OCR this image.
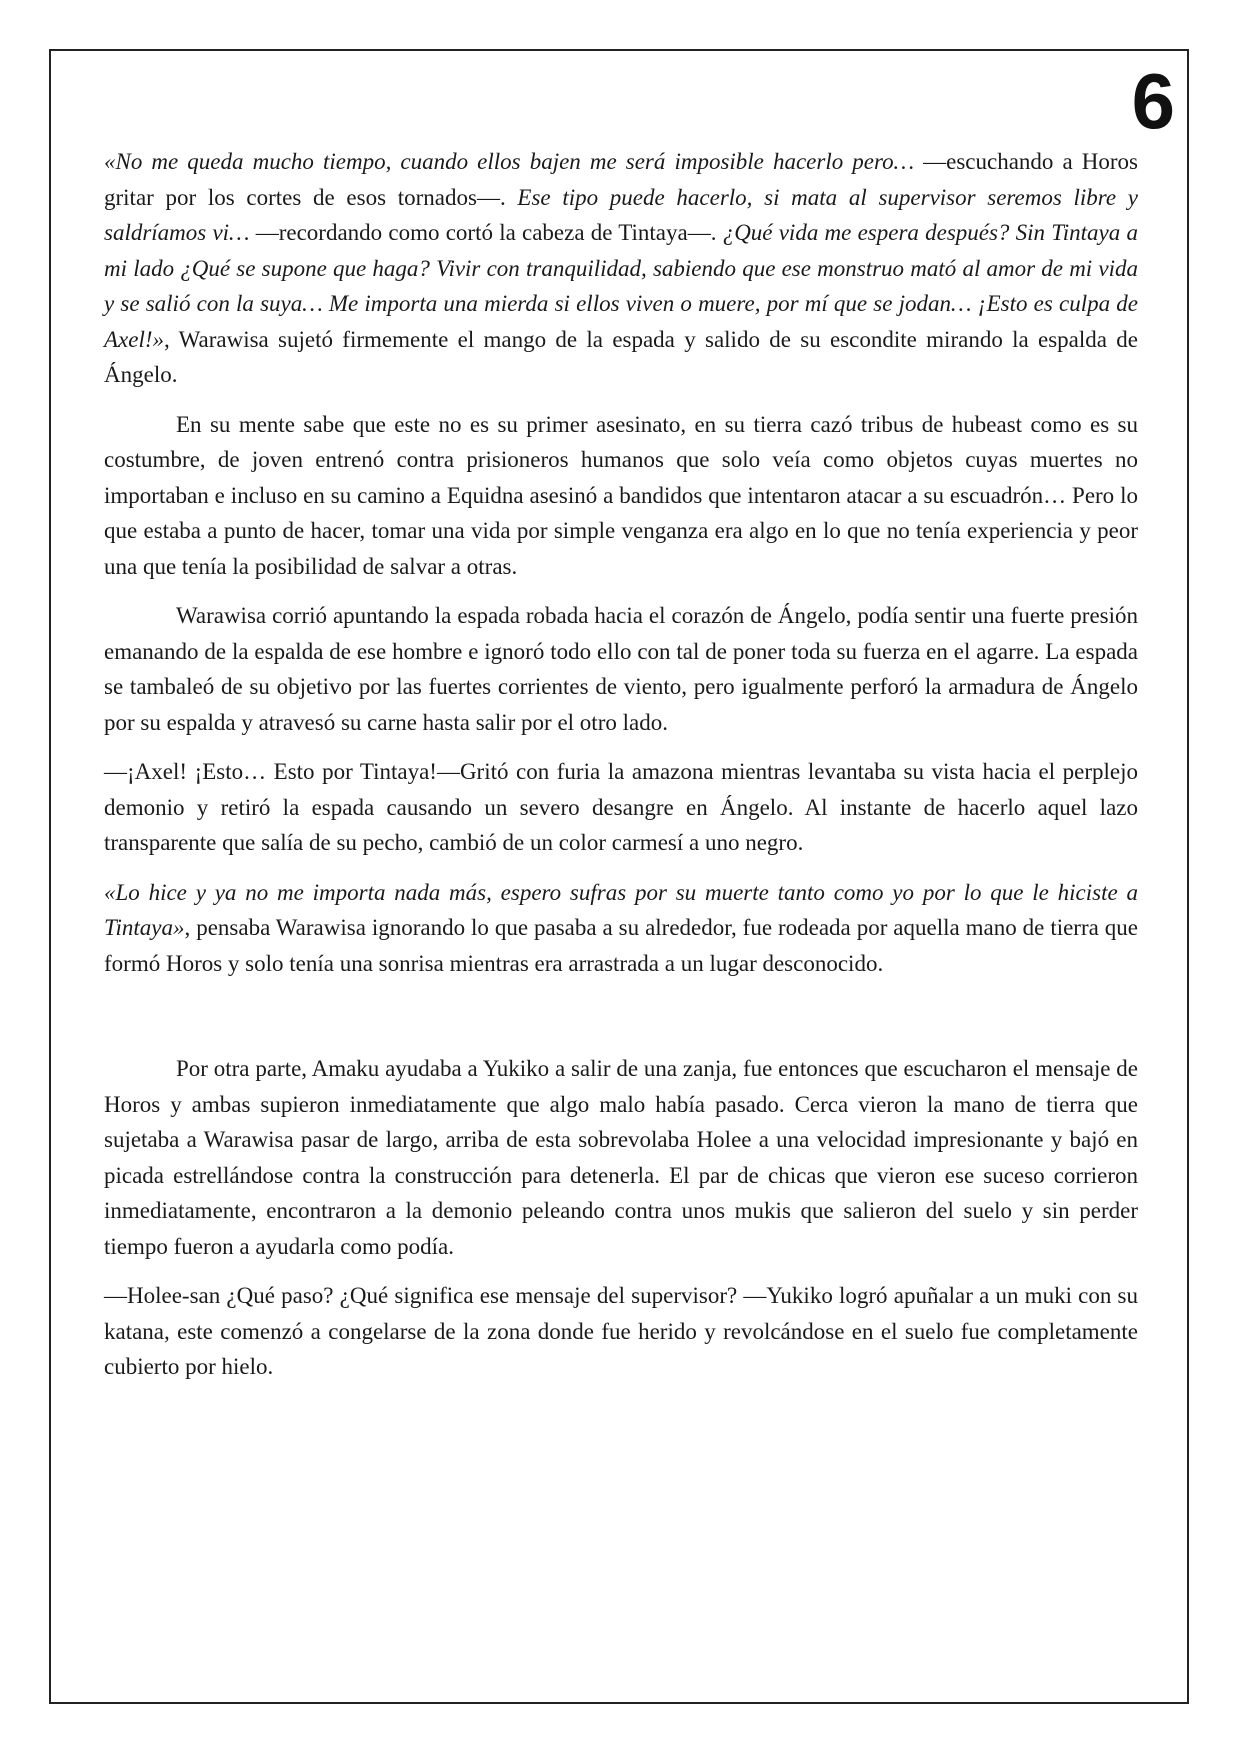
6

«No me queda mucho tiempo, cuando ellos bajen me será imposible hacerlo pero… —escuchando a Horos gritar por los cortes de esos tornados—. Ese tipo puede hacerlo, si mata al supervisor seremos libre y saldríamos vi… —recordando como cortó la cabeza de Tintaya—. ¿Qué vida me espera después? Sin Tintaya a mi lado ¿Qué se supone que haga? Vivir con tranquilidad, sabiendo que ese monstruo mató al amor de mi vida y se salió con la suya… Me importa una mierda si ellos viven o muere, por mí que se jodan… ¡Esto es culpa de Axel!», Warawisa sujetó firmemente el mango de la espada y salido de su escondite mirando la espalda de Ángelo.

En su mente sabe que este no es su primer asesinato, en su tierra cazó tribus de hubeast como es su costumbre, de joven entrenó contra prisioneros humanos que solo veía como objetos cuyas muertes no importaban e incluso en su camino a Equidna asesinó a bandidos que intentaron atacar a su escuadrón… Pero lo que estaba a punto de hacer, tomar una vida por simple venganza era algo en lo que no tenía experiencia y peor una que tenía la posibilidad de salvar a otras.

Warawisa corrió apuntando la espada robada hacia el corazón de Ángelo, podía sentir una fuerte presión emanando de la espalda de ese hombre e ignoró todo ello con tal de poner toda su fuerza en el agarre. La espada se tambaleó de su objetivo por las fuertes corrientes de viento, pero igualmente perforó la armadura de Ángelo por su espalda y atravesó su carne hasta salir por el otro lado.

—¡Axel! ¡Esto… Esto por Tintaya!—Gritó con furia la amazona mientras levantaba su vista hacia el perplejo demonio y retiró la espada causando un severo desangre en Ángelo. Al instante de hacerlo aquel lazo transparente que salía de su pecho, cambió de un color carmesí a uno negro.

«Lo hice y ya no me importa nada más, espero sufras por su muerte tanto como yo por lo que le hiciste a Tintaya», pensaba Warawisa ignorando lo que pasaba a su alrededor, fue rodeada por aquella mano de tierra que formó Horos y solo tenía una sonrisa mientras era arrastrada a un lugar desconocido.

Por otra parte, Amaku ayudaba a Yukiko a salir de una zanja, fue entonces que escucharon el mensaje de Horos y ambas supieron inmediatamente que algo malo había pasado. Cerca vieron la mano de tierra que sujetaba a Warawisa pasar de largo, arriba de esta sobrevolaba Holee a una velocidad impresionante y bajó en picada estrellándose contra la construcción para detenerla. El par de chicas que vieron ese suceso corrieron inmediatamente, encontraron a la demonio peleando contra unos mukis que salieron del suelo y sin perder tiempo fueron a ayudarla como podía.

—Holee-san ¿Qué paso? ¿Qué significa ese mensaje del supervisor? —Yukiko logró apuñalar a un muki con su katana, este comenzó a congelarse de la zona donde fue herido y revolcándose en el suelo fue completamente cubierto por hielo.
